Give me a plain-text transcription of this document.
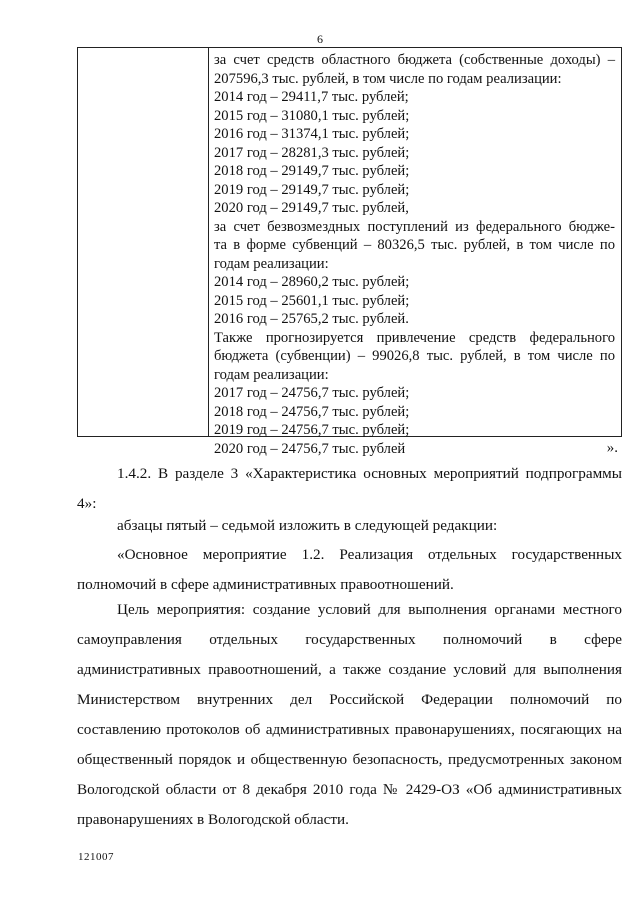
6
за счет средств областного бюджета (собственные доходы) –
207596,3 тыс. рублей, в том числе по годам реализации:
2014 год – 29411,7 тыс. рублей;
2015 год – 31080,1 тыс. рублей;
2016 год – 31374,1 тыс. рублей;
2017 год – 28281,3 тыс. рублей;
2018 год – 29149,7 тыс. рублей;
2019 год – 29149,7 тыс. рублей;
2020 год – 29149,7 тыс. рублей,
за счет безвозмездных поступлений из федерального бюдже-
та в форме субвенций – 80326,5 тыс. рублей, в том числе по
годам реализации:
2014 год – 28960,2 тыс. рублей;
2015 год – 25601,1 тыс. рублей;
2016 год – 25765,2 тыс. рублей.
Также прогнозируется привлечение средств федерального
бюджета (субвенции) – 99026,8 тыс. рублей, в том числе по
годам реализации:
2017 год – 24756,7 тыс. рублей;
2018 год – 24756,7 тыс. рублей;
2019 год – 24756,7 тыс. рублей;
2020 год – 24756,7 тыс. рублей	».
1.4.2. В разделе 3 «Характеристика основных мероприятий подпрограммы 4»:
абзацы пятый – седьмой изложить в следующей редакции:
«Основное мероприятие 1.2. Реализация отдельных государственных полномочий в сфере административных правоотношений.
Цель мероприятия: создание условий для выполнения органами местного самоуправления отдельных государственных полномочий в сфере административных правоотношений, а также создание условий для выполнения Министерством внутренних дел Российской Федерации полномочий по составлению протоколов об административных правонарушениях, посягающих на общественный порядок и общественную безопасность, предусмотренных законом Вологодской области от 8 декабря 2010 года № 2429-ОЗ «Об административных правонарушениях в Вологодской области.
121007
